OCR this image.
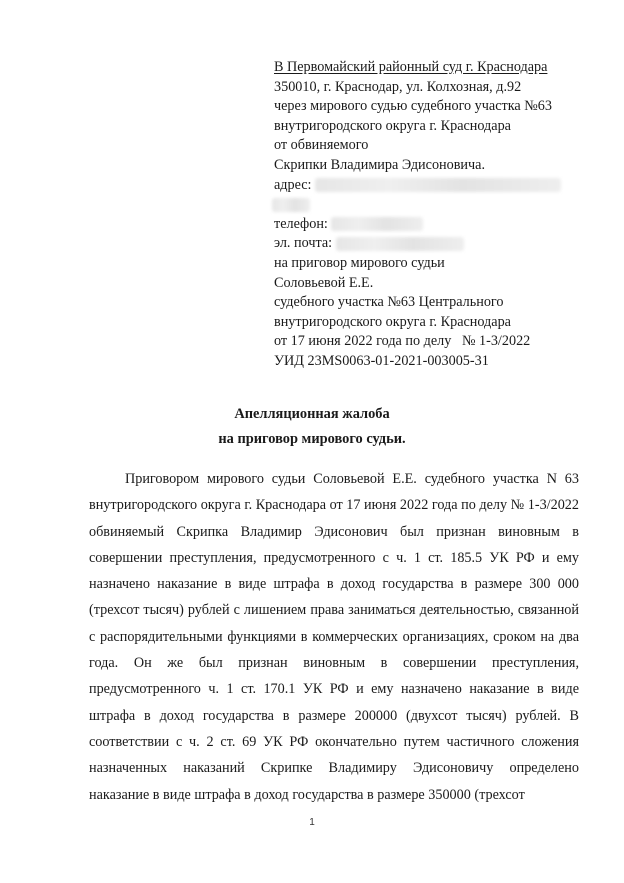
В Первомайский районный суд г. Краснодара
350010, г. Краснодар, ул. Колхозная, д.92
через мирового судью судебного участка №63
внутригородского округа г. Краснодара
от обвиняемого
Скрипки Владимира Эдисоновича.
адрес:
телефон:
эл. почта:
на приговор мирового судьи
Соловьевой Е.Е.
судебного участка №63 Центрального
внутригородского округа г. Краснодара
от 17 июня 2022 года по делу   № 1-3/2022
УИД 23MS0063-01-2021-003005-31
Апелляционная жалоба
на приговор мирового судьи.
Приговором мирового судьи Соловьевой Е.Е. судебного участка N 63 внутригородского округа г. Краснодара от 17 июня 2022 года по делу № 1-3/2022 обвиняемый Скрипка Владимир Эдисонович был признан виновным в совершении преступления, предусмотренного с ч. 1 ст. 185.5 УК РФ и ему назначено наказание в виде штрафа в доход государства в размере 300 000 (трехсот тысяч) рублей с лишением права заниматься деятельностью, связанной с распорядительными функциями в коммерческих организациях, сроком на два года. Он же был признан виновным в совершении преступления, предусмотренного ч. 1 ст. 170.1 УК РФ и ему назначено наказание в виде штрафа в доход государства в размере 200000 (двухсот тысяч) рублей. В соответствии с ч. 2 ст. 69 УК РФ окончательно путем частичного сложения назначенных наказаний Скрипке Владимиру Эдисоновичу определено наказание в виде штрафа в доход государства в размере 350000 (трехсот
1
